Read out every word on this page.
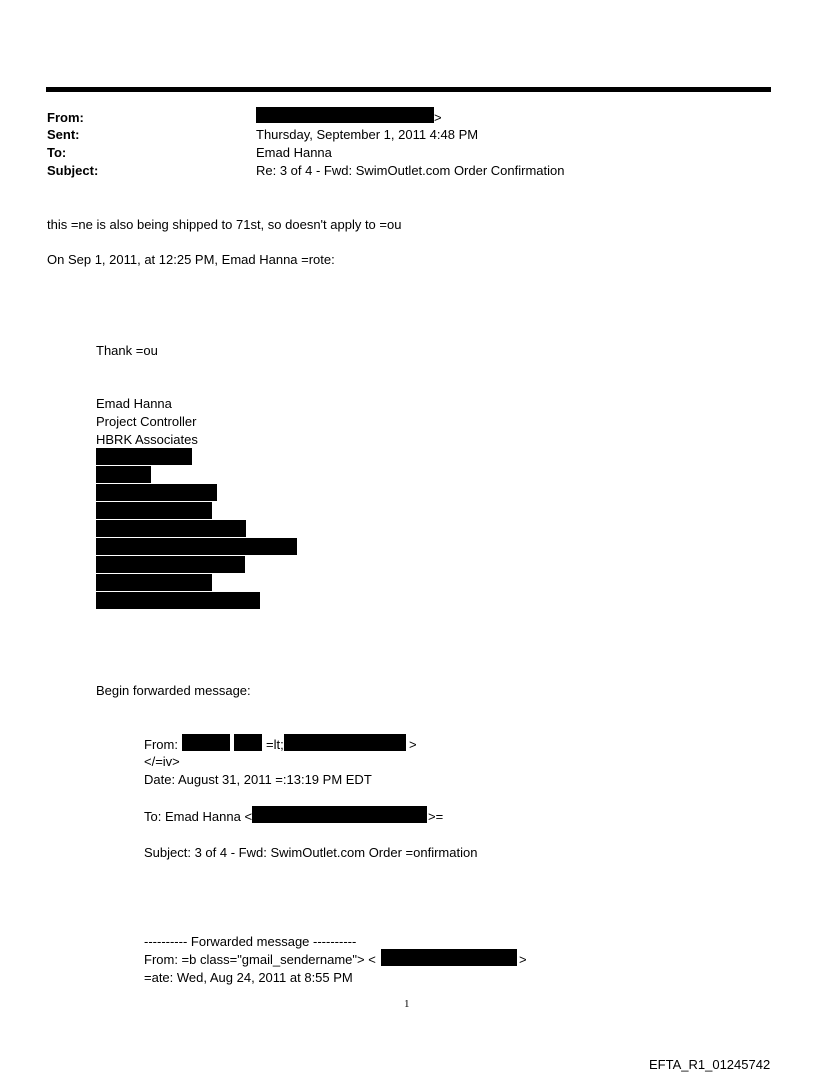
From:	>
Sent:	Thursday, September 1, 2011 4:48 PM
To:	Emad Hanna
Subject:	Re: 3 of 4 - Fwd: SwimOutlet.com Order Confirmation
this =ne is also being shipped to 71st, so doesn't apply to =ou
On Sep 1, 2011, at 12:25 PM, Emad Hanna =rote:
Thank =ou
Emad Hanna
Project Controller
HBRK Associates
Begin forwarded message:
From:	=lt;	>
</=iv>
Date: August 31, 2011 =:13:19 PM EDT
To: Emad Hanna <	>=
Subject: 3 of 4 - Fwd: SwimOutlet.com Order =onfirmation
---------- Forwarded message ----------
From: =b class="gmail_sendername"> <	>
=ate: Wed, Aug 24, 2011 at 8:55 PM
1
EFTA_R1_01245742
